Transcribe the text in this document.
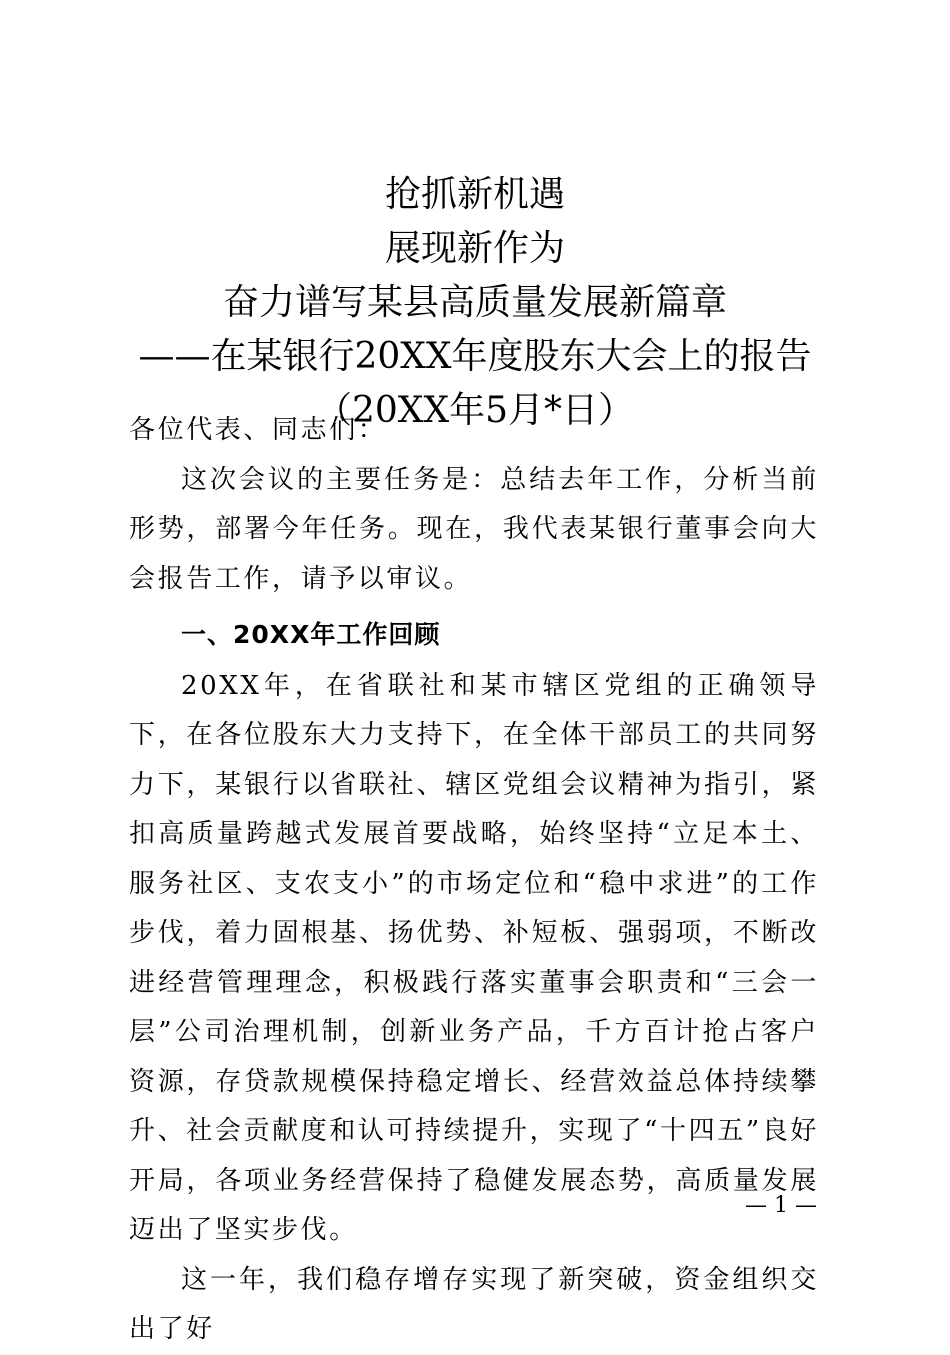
抢抓新机遇
展现新作为
奋力谱写某县高质量发展新篇章
——在某银行20XX年度股东大会上的报告
（20XX年5月*日）

各位代表、同志们：

这次会议的主要任务是：总结去年工作，分析当前形势，部署今年任务。现在，我代表某银行董事会向大会报告工作，请予以审议。

一、20XX年工作回顾

20XX年，在省联社和某市辖区党组的正确领导下，在各位股东大力支持下，在全体干部员工的共同努力下，某银行以省联社、辖区党组会议精神为指引，紧扣高质量跨越式发展首要战略，始终坚持“立足本土、服务社区、支农支小”的市场定位和“稳中求进”的工作步伐，着力固根基、扬优势、补短板、强弱项，不断改进经营管理理念，积极践行落实董事会职责和“三会一层”公司治理机制，创新业务产品，千方百计抢占客户资源，存贷款规模保持稳定增长、经营效益总体持续攀升、社会贡献度和认可持续提升，实现了“十四五”良好开局，各项业务经营保持了稳健发展态势，高质量发展迈出了坚实步伐。

这一年，我们稳存增存实现了新突破，资金组织交出了好

— 1 —
